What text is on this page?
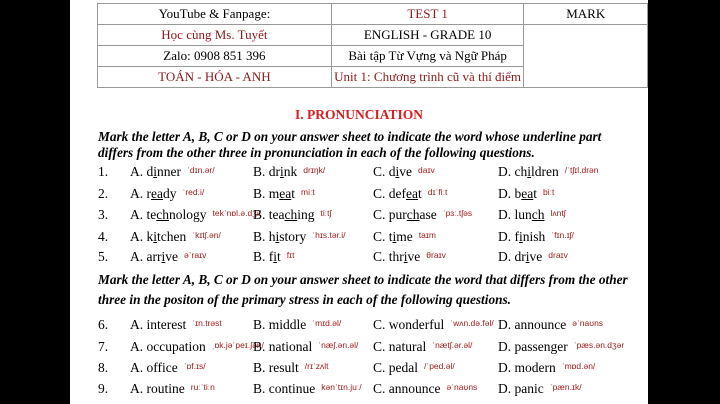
YouTube & Fanpage:	TEST 1	MARK
Học cùng Ms. Tuyết	ENGLISH - GRADE 10	
Zalo: 0908 851 396	Bài tập Từ Vựng và Ngữ Pháp	
TOÁN - HÓA - ANH	Unit 1: Chương trình cũ và thí điểm	
I. PRONUNCIATION
Mark the letter A, B, C or D on your answer sheet to indicate the word whose underline part
differs from the other three in pronunciation in each of the following questions.
Mark the letter A, B, C or D on your answer sheet to indicate the word that differs from the other
three in the positon of the primary stress in each of the following questions.
1. A. dinner $^{ˈdɪn.ər/}$	B. drink $^{drɪŋk/}$	C. dive $^{daɪv}$	D. children $^{/ˈtʃɪl.drən}$
2. A. ready $^{ˈred.i/}$	B. meat $^{miːt}$	C. defeat $^{dɪˈfiːt}$	D. beat $^{biːt}$
3. A. technology $^{tekˈnɒl.ə.dʒi/}$
B. teaching $^{tiːtʃ}$	C. purchase $^{ˈpɜː.tʃəs}$ D. lunch $^{lʌntʃ}$
4. A. kitchen $^{ˈkɪtʃ.ən/}$ B. history $^{ˈhɪs.tər.i/}$ C. time $^{taɪm}$	D. finish $^{ˈfɪn.ɪʃ/}$
5. A. arrive $^{əˈraɪv}$	B. fit $^{fɪt}$	C. thrive $^{\theta raɪv}$	D. drive $^{draɪv}$
6. A. interest $^{ˈɪn.trəst}$ B. middle $^{ˈmɪd.əl/}$ C. wonderful $^{ˈwʌn.də.fəl/}$ D. announce $^{əˈnaʊns}$
7. A. occupation $^{ˌɒk.jəˈpeɪ.ʃən/}$
B. national $^{ˈnæʃ.ən.əl/}$ C. natural $^{ˈnætʃ.ər.əl/}$ D. passenger $^{ˈpæs.ən.dʒər}$
8. A. office $^{ˈɒf.ɪs/}$	B. result $^{/rɪˈzʌlt}$	C. pedal $^{/ˈped.əl/}$	D. modern $^{ˈmɒd.ən/}$
9. A. routine $^{ruːˈtiːn}$	B. continue $^{kənˈtɪn.juː/}$ C. announce $^{əˈnaʊns}$ D. panic $^{ˈpæn.ɪk/}$
